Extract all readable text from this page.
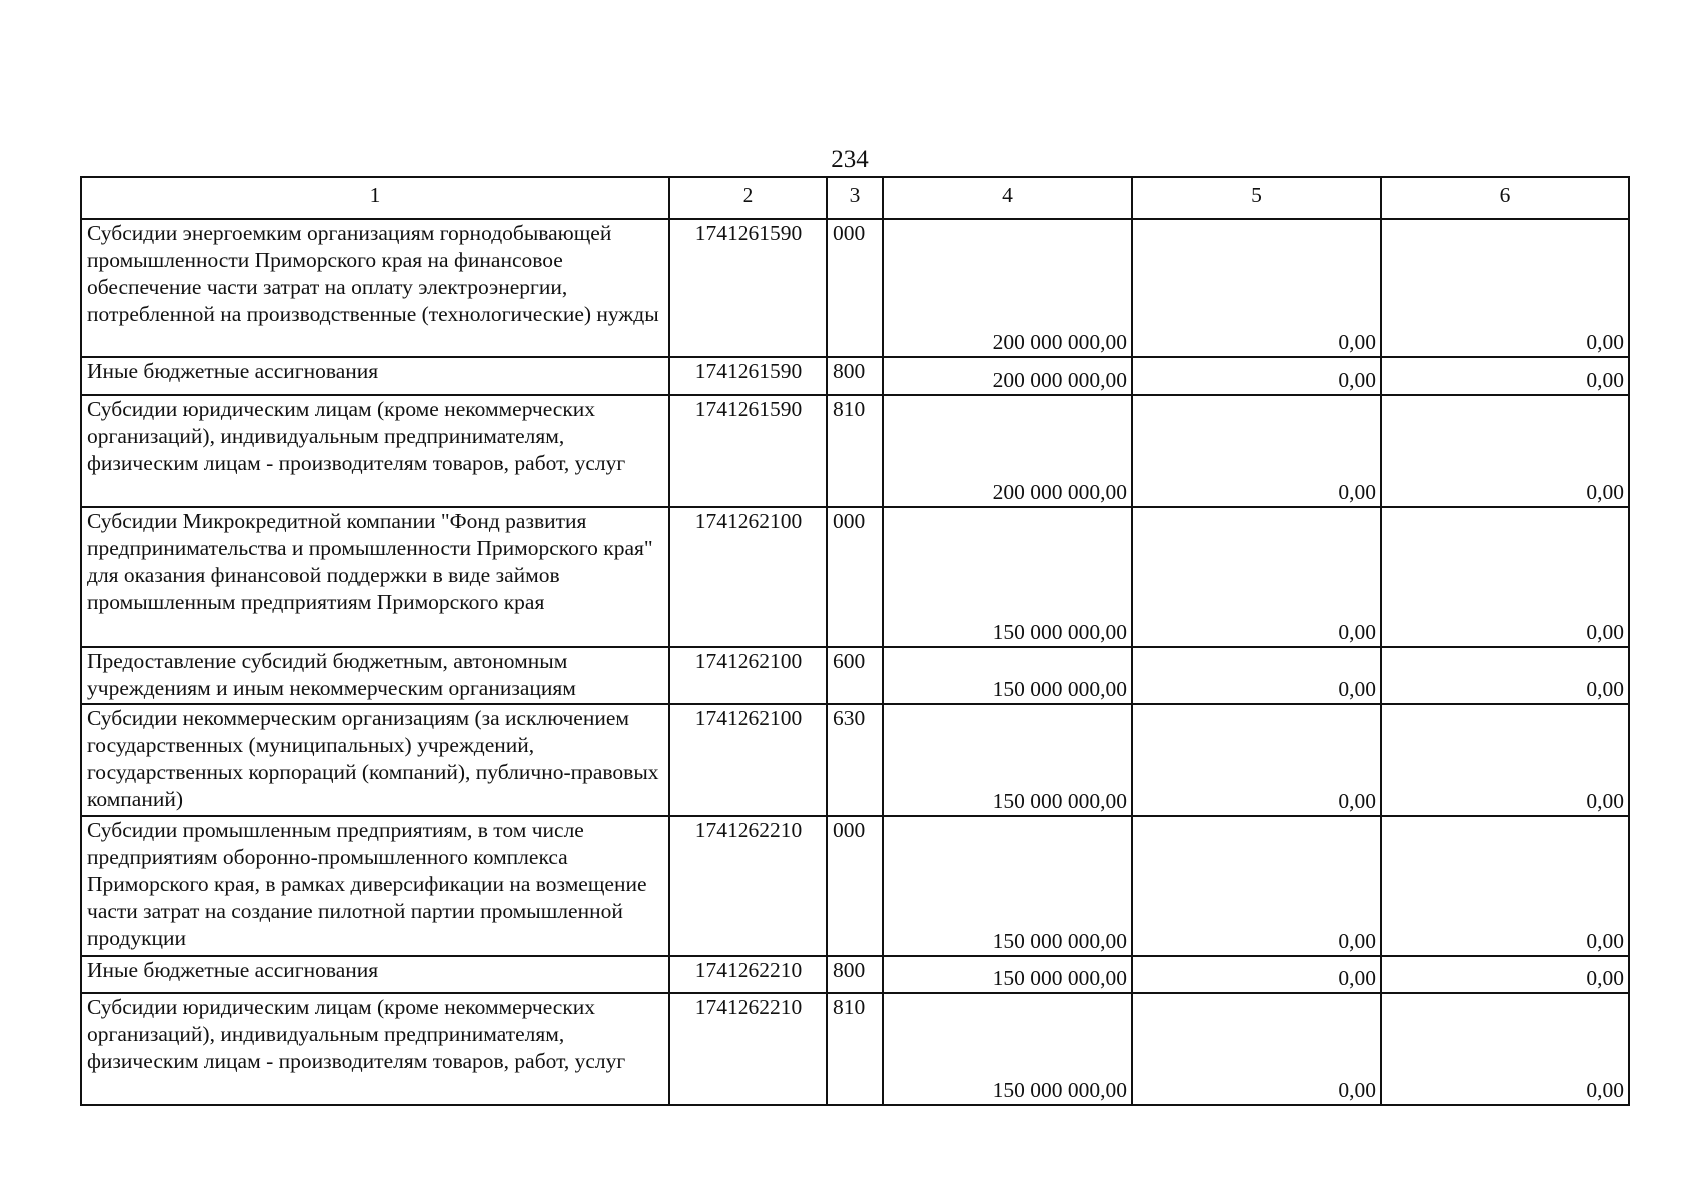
234
1	2	3	4	5	6
Субсидии энергоемким организациям горнодобывающей промышленности Приморского края на финансовое обеспечение части затрат на оплату электроэнергии, потребленной на производственные (технологические) нужды	1741261590	000	200 000 000,00	0,00	0,00
Иные бюджетные ассигнования	1741261590	800	200 000 000,00	0,00	0,00
Субсидии юридическим лицам (кроме некоммерческих организаций), индивидуальным предпринимателям, физическим лицам - производителям товаров, работ, услуг	1741261590	810	200 000 000,00	0,00	0,00
Субсидии Микрокредитной компании "Фонд развития предпринимательства и промышленности Приморского края" для оказания финансовой поддержки в виде займов промышленным предприятиям Приморского края	1741262100	000	150 000 000,00	0,00	0,00
Предоставление субсидий бюджетным, автономным учреждениям и иным некоммерческим организациям	1741262100	600	150 000 000,00	0,00	0,00
Субсидии некоммерческим организациям (за исключением государственных (муниципальных) учреждений, государственных корпораций (компаний), публично-правовых компаний)	1741262100	630	150 000 000,00	0,00	0,00
Субсидии промышленным предприятиям, в том числе предприятиям оборонно-промышленного комплекса Приморского края, в рамках диверсификации на возмещение части затрат на создание пилотной партии промышленной продукции	1741262210	000	150 000 000,00	0,00	0,00
Иные бюджетные ассигнования	1741262210	800	150 000 000,00	0,00	0,00
Субсидии юридическим лицам (кроме некоммерческих организаций), индивидуальным предпринимателям, физическим лицам - производителям товаров, работ, услуг	1741262210	810	150 000 000,00	0,00	0,00
